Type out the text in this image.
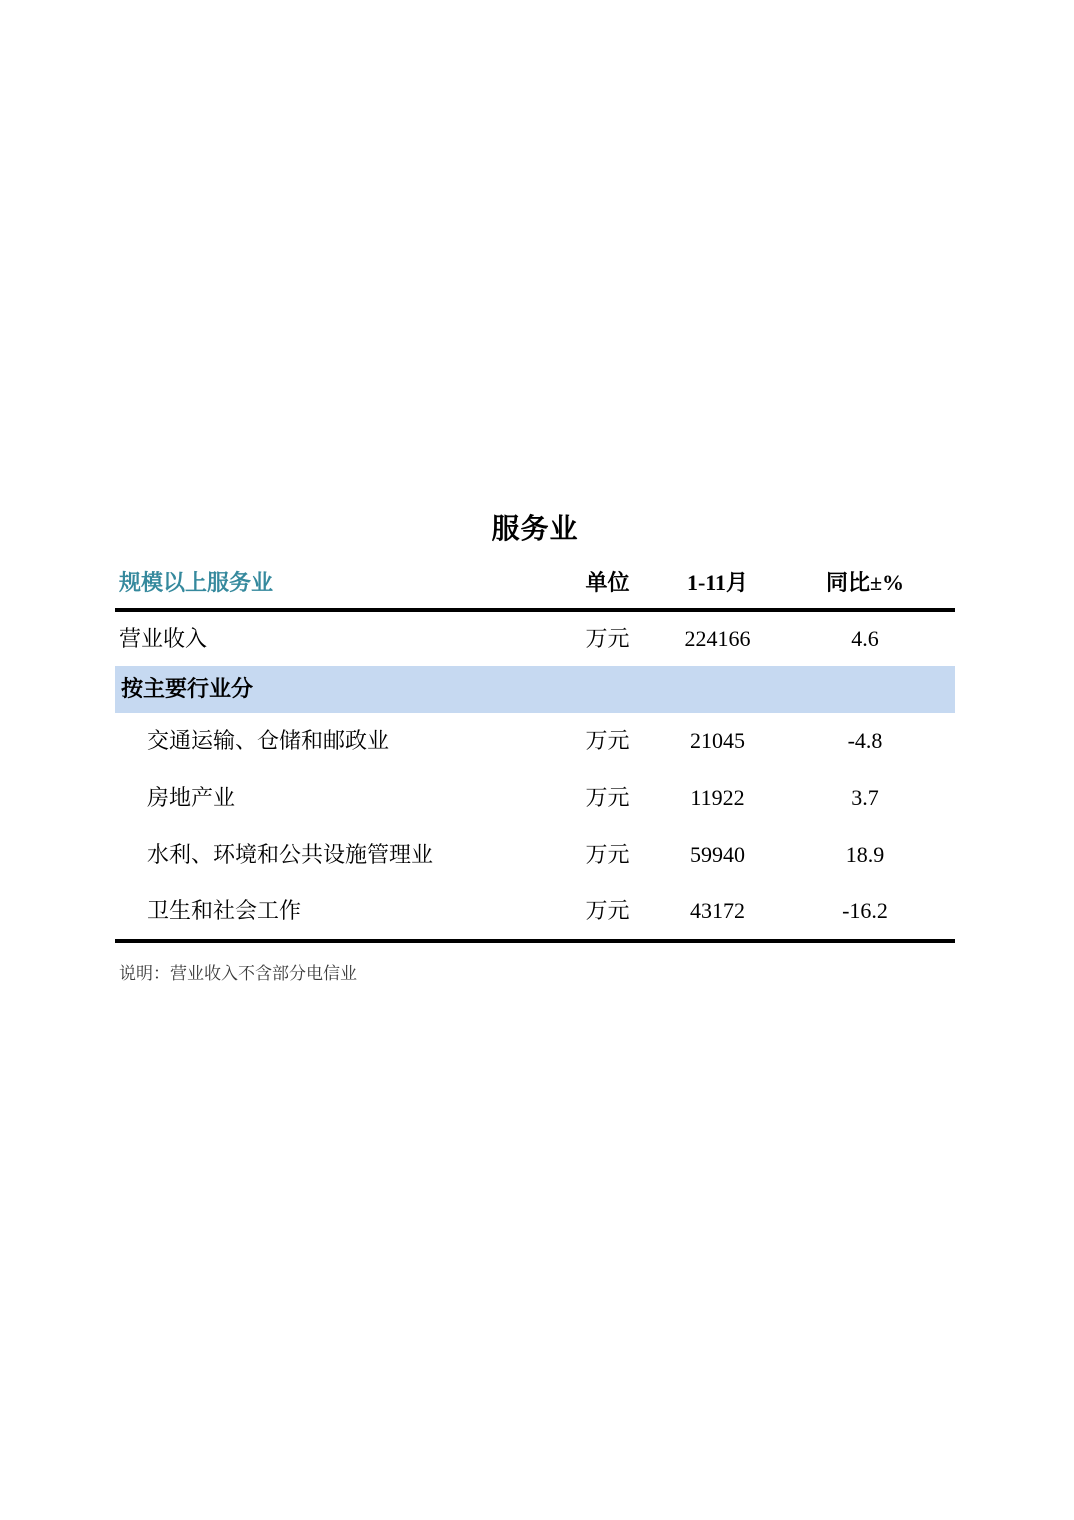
服务业
规模以上服务业	单位	1-11月	同比±%
营业收入	万元	224166	4.6
按主要行业分			
交通运输、仓储和邮政业	万元	21045	-4.8
房地产业	万元	11922	3.7
水利、环境和公共设施管理业	万元	59940	18.9
卫生和社会工作	万元	43172	-16.2
说明：营业收入不含部分电信业
